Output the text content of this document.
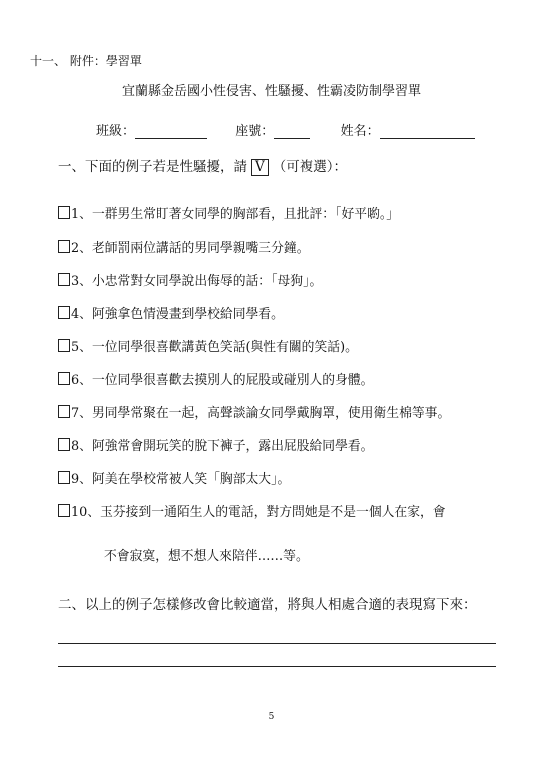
十一、 附件：學習單
宜蘭縣金岳國小性侵害、性騷擾、性霸凌防制學習單
班級：	座號：	姓名：
一、下面的例子若是性騷擾，請 V （可複選）：
1、一群男生常盯著女同學的胸部看，且批評：「好平喲。」
2、老師罰兩位講話的男同學親嘴三分鐘。
3、小忠常對女同學說出侮辱的話：「母狗」。
4、阿強拿色情漫畫到學校給同學看。
5、一位同學很喜歡講黃色笑話(與性有關的笑話)。
6、一位同學很喜歡去摸別人的屁股或碰別人的身體。
7、男同學常聚在一起，高聲談論女同學戴胸罩，使用衛生棉等事。
8、阿強常會開玩笑的脫下褲子，露出屁股給同學看。
9、阿美在學校常被人笑「胸部太大」。
10、玉芬接到一通陌生人的電話，對方問她是不是一個人在家，會
不會寂寞，想不想人來陪伴……等。
二、以上的例子怎樣修改會比較適當，將與人相處合適的表現寫下來：
5
